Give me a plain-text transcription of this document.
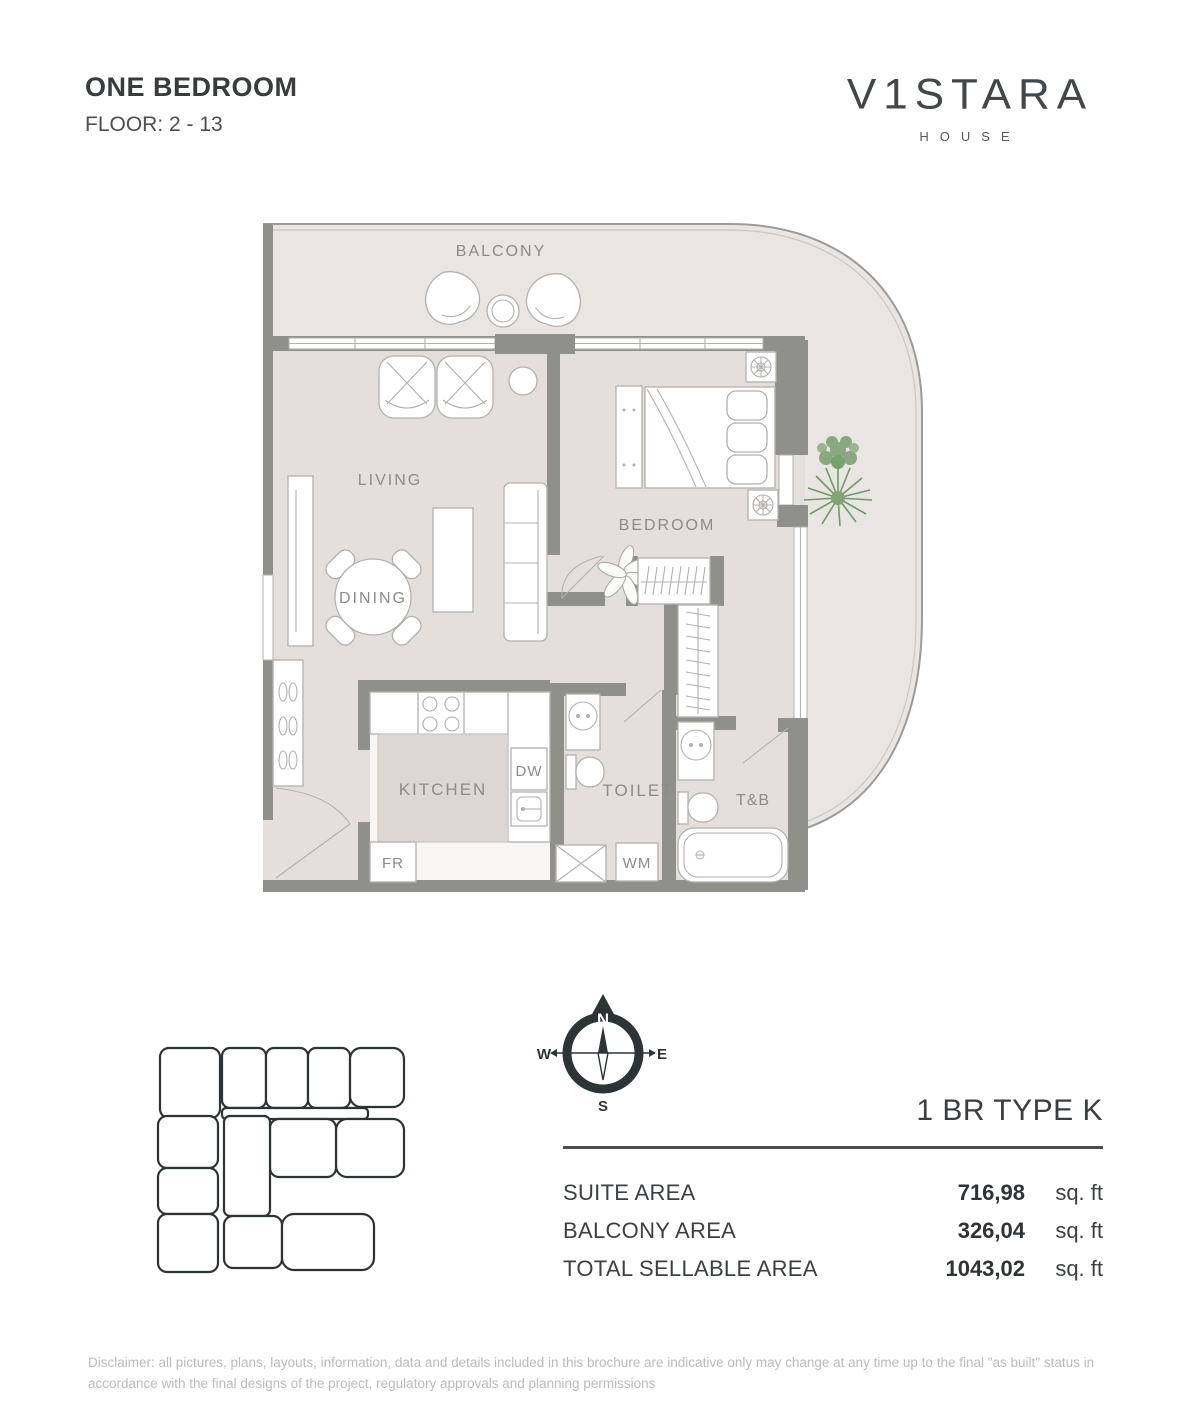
ONE BEDROOM
FLOOR: 2 - 13
V1STARA
HOUSE
LIVING
DINING
BEDROOM
KITCHEN
DW
FR
TOILET
WM
T&B
BALCONY
N
W	E
S	1 BR TYPE K
SUITE AREA	716,98	sq. ft
BALCONY AREA	326,04	sq. ft
TOTAL SELLABLE AREA	1043,02	sq. ft

Disclaimer: all pictures, plans, layouts, information, data and details included in this brochure are indicative only may change at any time up to the final "as built" status in accordance with the final designs of the project, regulatory approvals and planning permissions
